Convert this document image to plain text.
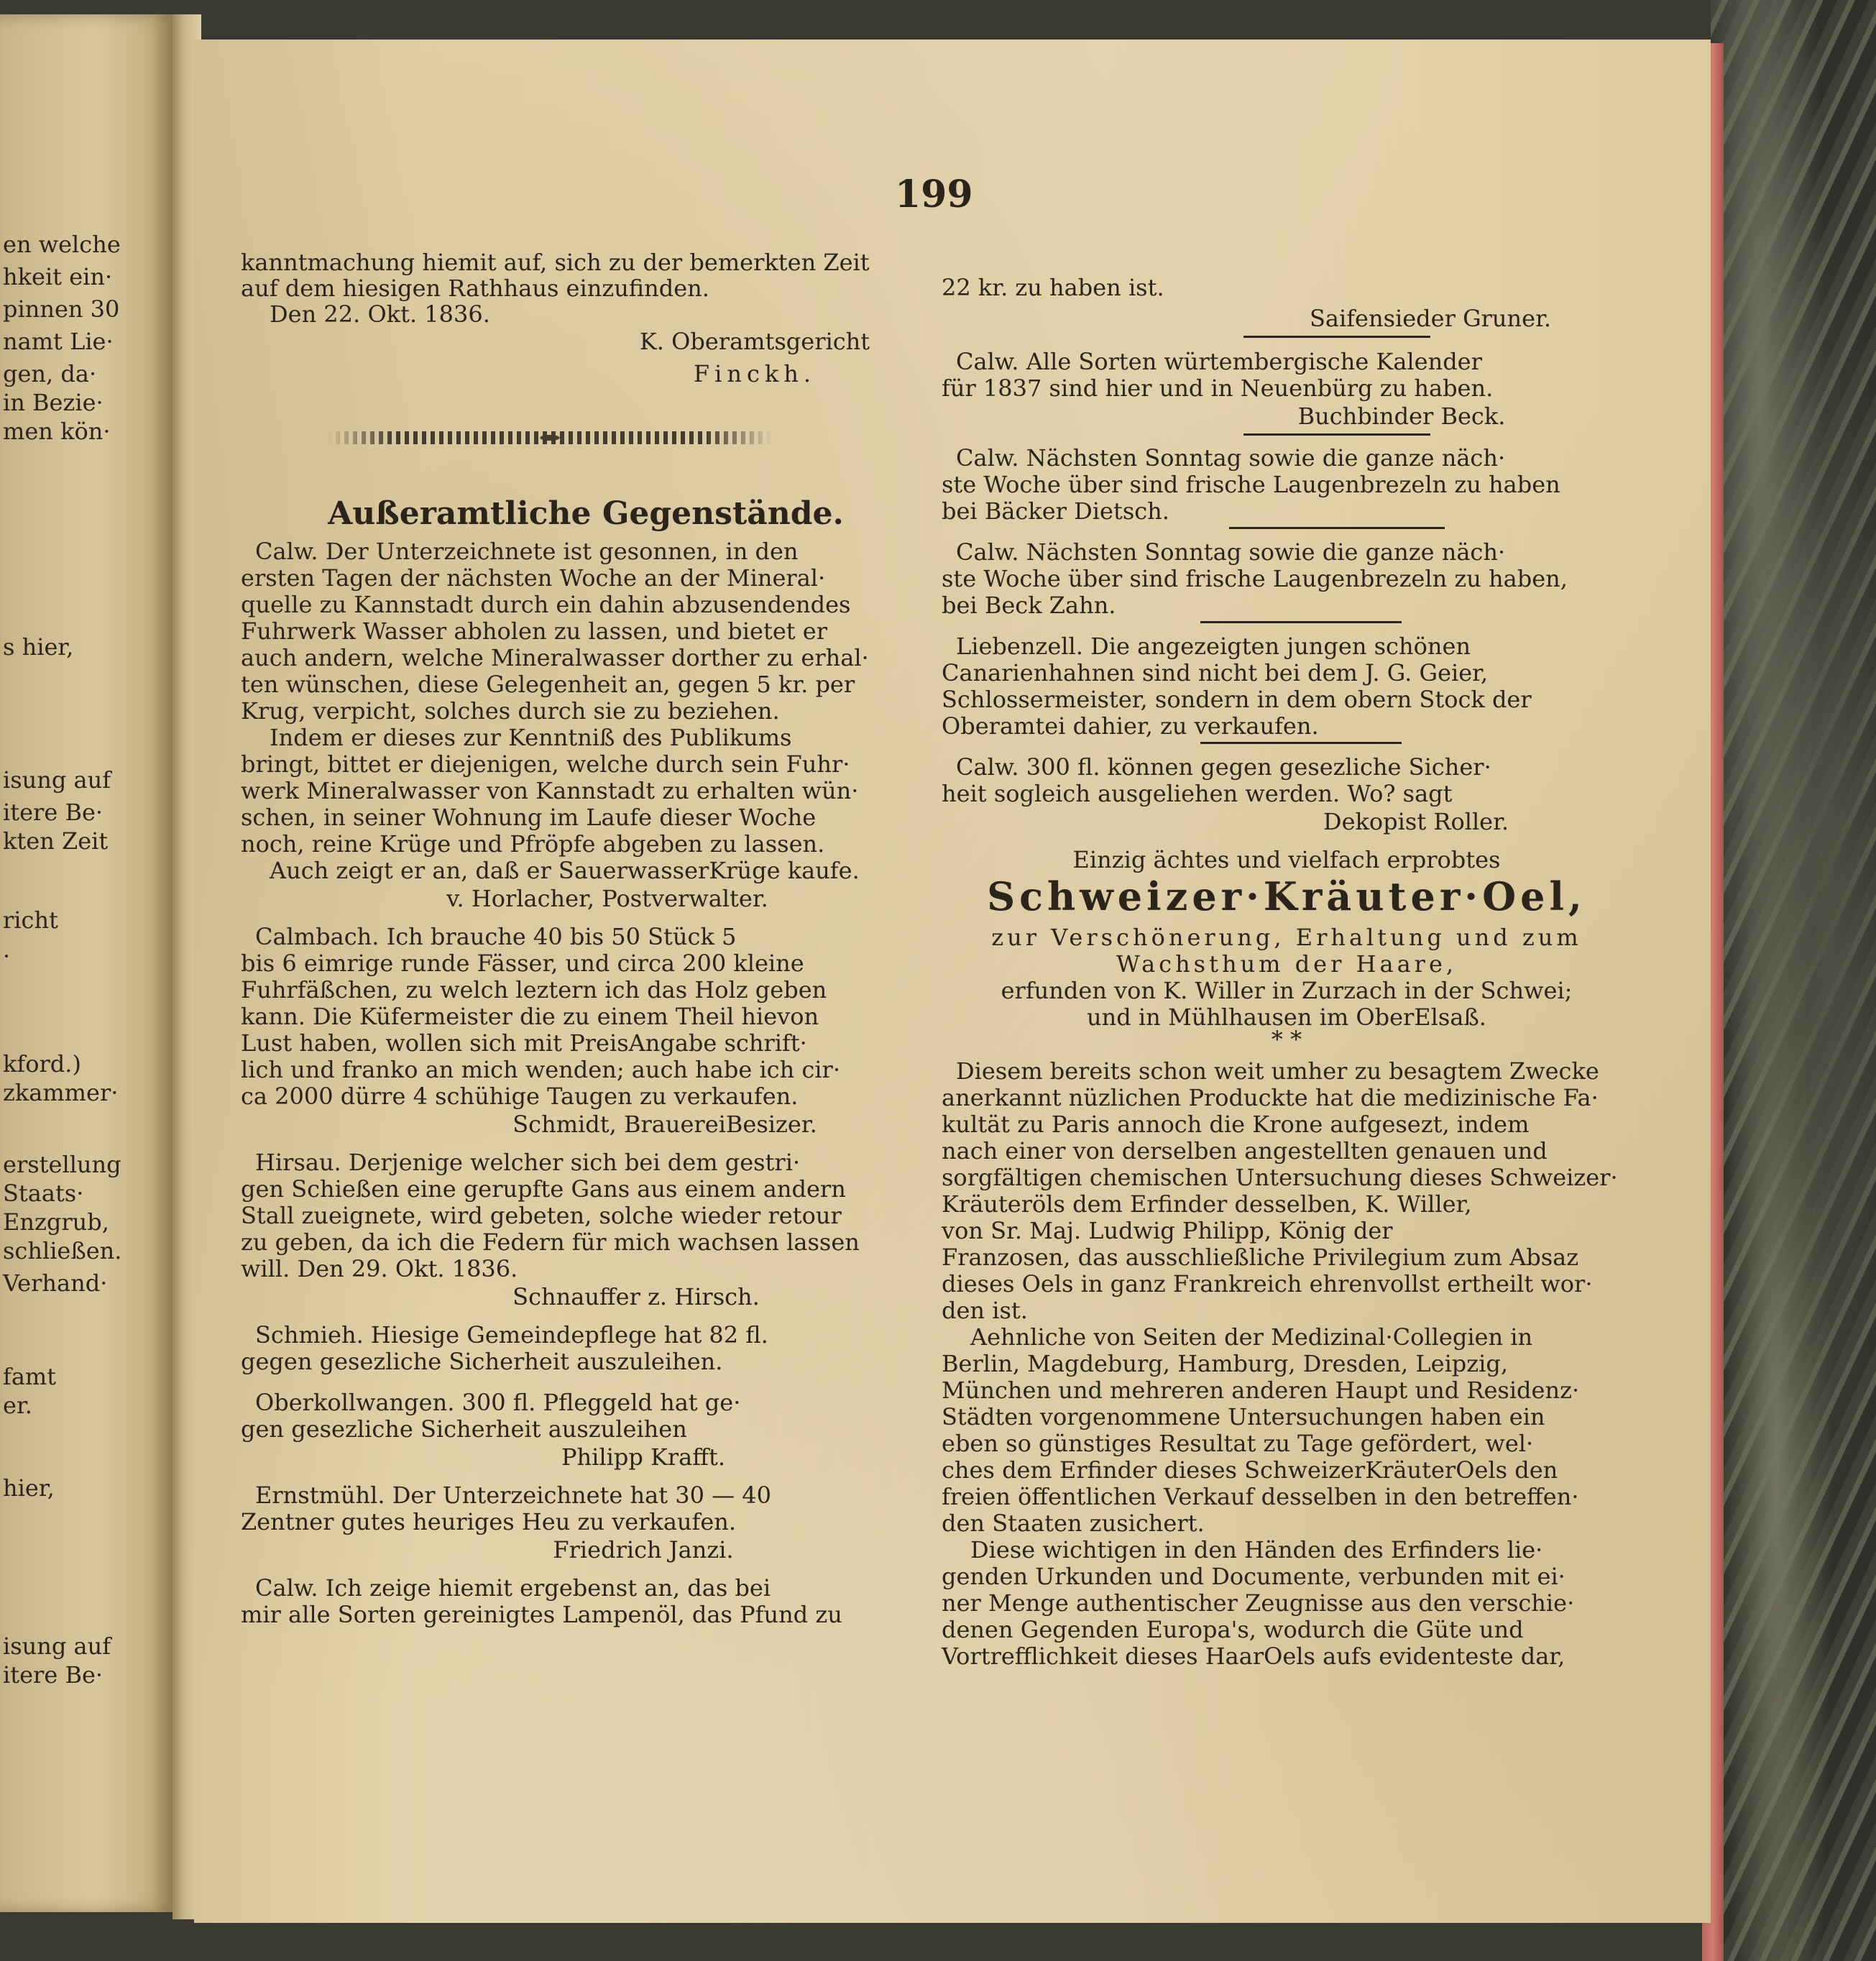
en welche
hkeit ein·
pinnen 30
namt Lie·
gen, da·
in Bezie·
men kön·
s hier,
isung auf
itere Be·
kten Zeit
richt
·
kford.)
zkammer·
erstellung
Staats·
Enzgrub,
schließen.
Verhand·
famt
er.
hier,
isung auf
itere Be·
199
kanntmachung hiemit auf, sich zu der bemerkten Zeit
auf dem hiesigen Rathhaus einzufinden.
Den 22. Okt. 1836.
K. Oberamtsgericht
Finckh.
Außeramtliche Gegenstände.
Calw. Der Unterzeichnete ist gesonnen, in den
ersten Tagen der nächsten Woche an der Mineral·
quelle zu Kannstadt durch ein dahin abzusendendes
Fuhrwerk Wasser abholen zu lassen, und bietet er
auch andern, welche Mineralwasser dorther zu erhal·
ten wünschen, diese Gelegenheit an, gegen 5 kr. per
Krug, verpicht, solches durch sie zu beziehen.
Indem er dieses zur Kenntniß des Publikums
bringt, bittet er diejenigen, welche durch sein Fuhr·
werk Mineralwasser von Kannstadt zu erhalten wün·
schen, in seiner Wohnung im Laufe dieser Woche
noch, reine Krüge und Pfröpfe abgeben zu lassen.
Auch zeigt er an, daß er SauerwasserKrüge kaufe.
v. Horlacher, Postverwalter.
Calmbach. Ich brauche 40 bis 50 Stück 5
bis 6 eimrige runde Fässer, und circa 200 kleine
Fuhrfäßchen, zu welch leztern ich das Holz geben
kann. Die Küfermeister die zu einem Theil hievon
Lust haben, wollen sich mit PreisAngabe schrift·
lich und franko an mich wenden; auch habe ich cir·
ca 2000 dürre 4 schühige Taugen zu verkaufen.
Schmidt, BrauereiBesizer.
Hirsau. Derjenige welcher sich bei dem gestri·
gen Schießen eine gerupfte Gans aus einem andern
Stall zueignete, wird gebeten, solche wieder retour
zu geben, da ich die Federn für mich wachsen lassen
will. Den 29. Okt. 1836.
Schnauffer z. Hirsch.
Schmieh. Hiesige Gemeindepflege hat 82 fl.
gegen gesezliche Sicherheit auszuleihen.
Oberkollwangen. 300 fl. Pfleggeld hat ge·
gen gesezliche Sicherheit auszuleihen
Philipp Krafft.
Ernstmühl. Der Unterzeichnete hat 30 — 40
Zentner gutes heuriges Heu zu verkaufen.
Friedrich Janzi.
Calw. Ich zeige hiemit ergebenst an, das bei
mir alle Sorten gereinigtes Lampenöl, das Pfund zu
22 kr. zu haben ist.
Saifensieder Gruner.
Calw. Alle Sorten würtembergische Kalender
für 1837 sind hier und in Neuenbürg zu haben.
Buchbinder Beck.
Calw. Nächsten Sonntag sowie die ganze näch·
ste Woche über sind frische Laugenbrezeln zu haben
bei Bäcker Dietsch.
Calw. Nächsten Sonntag sowie die ganze näch·
ste Woche über sind frische Laugenbrezeln zu haben,
bei Beck Zahn.
Liebenzell. Die angezeigten jungen schönen
Canarienhahnen sind nicht bei dem J. G. Geier,
Schlossermeister, sondern in dem obern Stock der
Oberamtei dahier, zu verkaufen.
Calw. 300 fl. können gegen gesezliche Sicher·
heit sogleich ausgeliehen werden. Wo? sagt
Dekopist Roller.
Einzig ächtes und vielfach erprobtes
Schweizer·Kräuter·Oel,
zur Verschönerung, Erhaltung und zum
Wachsthum der Haare,
erfunden von K. Willer in Zurzach in der Schwei;
und in Mühlhausen im OberElsaß.
* *
Diesem bereits schon weit umher zu besagtem Zwecke
anerkannt nüzlichen Produckte hat die medizinische Fa·
kultät zu Paris annoch die Krone aufgesezt, indem
nach einer von derselben angestellten genauen und
sorgfältigen chemischen Untersuchung dieses Schweizer·
Kräuteröls dem Erfinder desselben, K. Willer,
von Sr. Maj. Ludwig Philipp, König der
Franzosen, das ausschließliche Privilegium zum Absaz
dieses Oels in ganz Frankreich ehrenvollst ertheilt wor·
den ist.
Aehnliche von Seiten der Medizinal·Collegien in
Berlin, Magdeburg, Hamburg, Dresden, Leipzig,
München und mehreren anderen Haupt und Residenz·
Städten vorgenommene Untersuchungen haben ein
eben so günstiges Resultat zu Tage gefördert, wel·
ches dem Erfinder dieses SchweizerKräuterOels den
freien öffentlichen Verkauf desselben in den betreffen·
den Staaten zusichert.
Diese wichtigen in den Händen des Erfinders lie·
genden Urkunden und Documente, verbunden mit ei·
ner Menge authentischer Zeugnisse aus den verschie·
denen Gegenden Europa's, wodurch die Güte und
Vortrefflichkeit dieses HaarOels aufs evidenteste dar,
